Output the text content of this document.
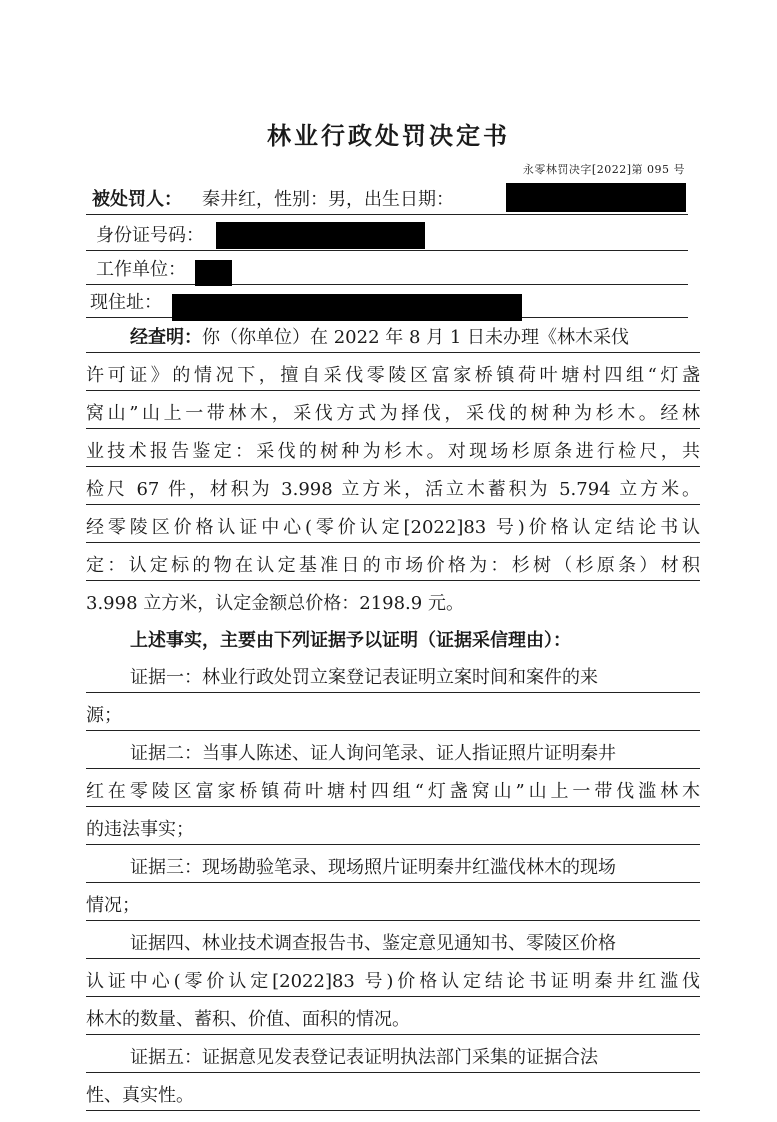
林业行政处罚决定书
永零林罚决字[2022]第 095 号
被处罚人： 秦井红，性别：男，出生日期：
身份证号码：
工作单位：
现住址：
经查明：你（你单位）在 2022 年 8 月 1 日未办理《林木采伐
许可证》的情况下，擅自采伐零陵区富家桥镇荷叶塘村四组“灯盏
窝山”山上一带林木，采伐方式为择伐，采伐的树种为杉木。经林
业技术报告鉴定：采伐的树种为杉木。对现场杉原条进行检尺，共
检尺 67 件，材积为 3.998 立方米，活立木蓄积为 5.794 立方米。
经零陵区价格认证中心(零价认定[2022]83 号)价格认定结论书认
定：认定标的物在认定基准日的市场价格为：杉树（杉原条）材积
3.998 立方米，认定金额总价格：2198.9 元。
上述事实，主要由下列证据予以证明（证据采信理由）：
证据一：林业行政处罚立案登记表证明立案时间和案件的来
源；
证据二：当事人陈述、证人询问笔录、证人指证照片证明秦井
红在零陵区富家桥镇荷叶塘村四组“灯盏窝山”山上一带伐滥林木
的违法事实；
证据三：现场勘验笔录、现场照片证明秦井红滥伐林木的现场
情况；
证据四、林业技术调查报告书、鉴定意见通知书、零陵区价格
认证中心(零价认定[2022]83 号)价格认定结论书证明秦井红滥伐
林木的数量、蓄积、价值、面积的情况。
证据五：证据意见发表登记表证明执法部门采集的证据合法
性、真实性。
